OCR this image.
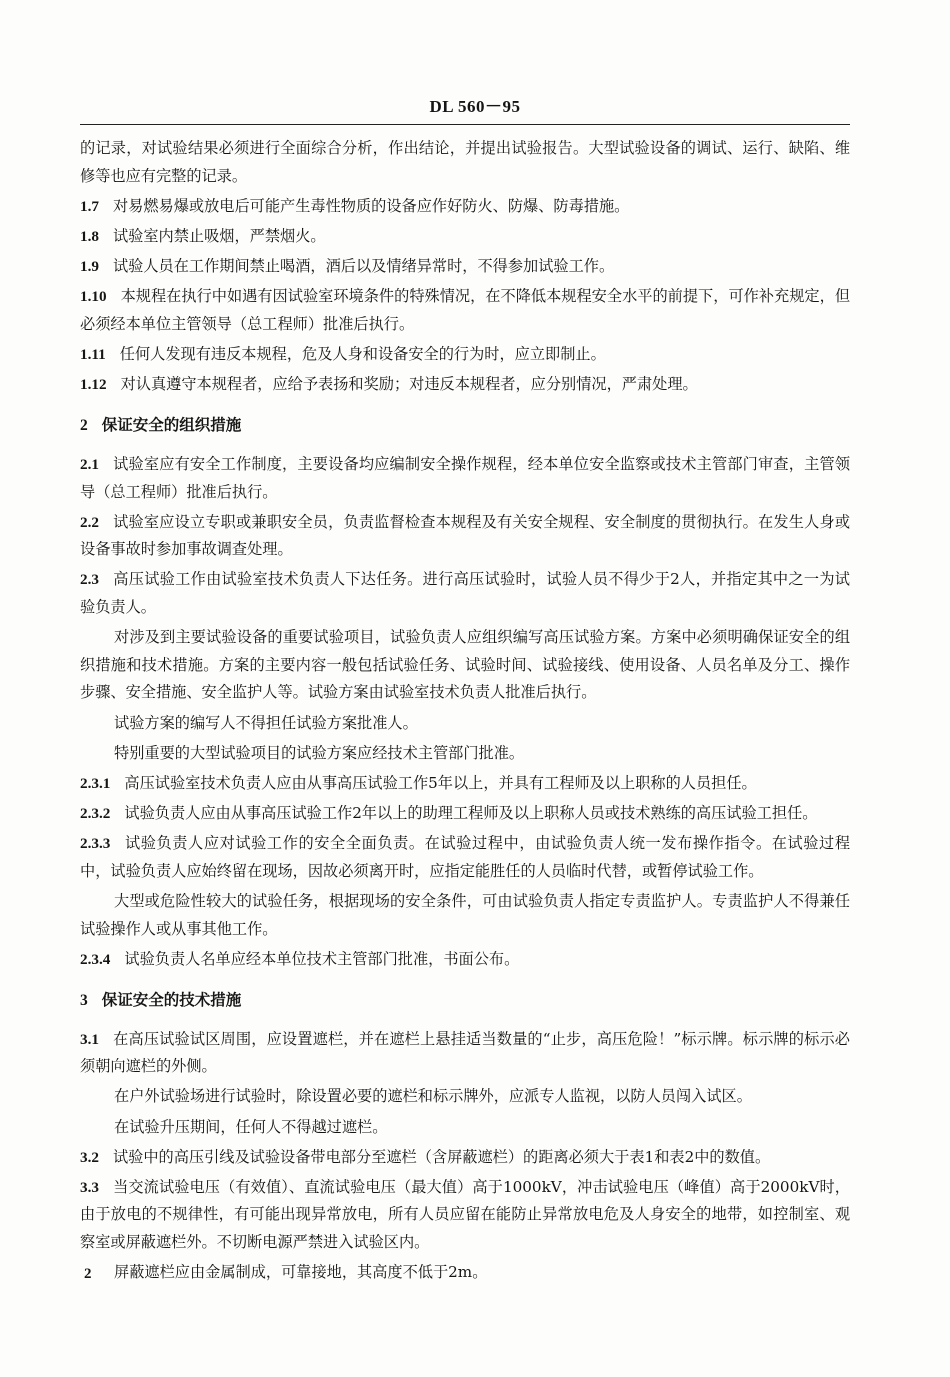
DL 560－95

的记录，对试验结果必须进行全面综合分析，作出结论，并提出试验报告。大型试验设备的调试、运行、缺陷、维修等也应有完整的记录。

1.7 对易燃易爆或放电后可能产生毒性物质的设备应作好防火、防爆、防毒措施。

1.8 试验室内禁止吸烟，严禁烟火。

1.9 试验人员在工作期间禁止喝酒，酒后以及情绪异常时，不得参加试验工作。

1.10 本规程在执行中如遇有因试验室环境条件的特殊情况，在不降低本规程安全水平的前提下，可作补充规定，但必须经本单位主管领导（总工程师）批准后执行。

1.11 任何人发现有违反本规程，危及人身和设备安全的行为时，应立即制止。

1.12 对认真遵守本规程者，应给予表扬和奖励；对违反本规程者，应分别情况，严肃处理。

2 保证安全的组织措施

2.1 试验室应有安全工作制度，主要设备均应编制安全操作规程，经本单位安全监察或技术主管部门审查，主管领导（总工程师）批准后执行。

2.2 试验室应设立专职或兼职安全员，负责监督检查本规程及有关安全规程、安全制度的贯彻执行。在发生人身或设备事故时参加事故调查处理。

2.3 高压试验工作由试验室技术负责人下达任务。进行高压试验时，试验人员不得少于2人，并指定其中之一为试验负责人。

对涉及到主要试验设备的重要试验项目，试验负责人应组织编写高压试验方案。方案中必须明确保证安全的组织措施和技术措施。方案的主要内容一般包括试验任务、试验时间、试验接线、使用设备、人员名单及分工、操作步骤、安全措施、安全监护人等。试验方案由试验室技术负责人批准后执行。

试验方案的编写人不得担任试验方案批准人。

特别重要的大型试验项目的试验方案应经技术主管部门批准。

2.3.1 高压试验室技术负责人应由从事高压试验工作5年以上，并具有工程师及以上职称的人员担任。

2.3.2 试验负责人应由从事高压试验工作2年以上的助理工程师及以上职称人员或技术熟练的高压试验工担任。

2.3.3 试验负责人应对试验工作的安全全面负责。在试验过程中，由试验负责人统一发布操作指令。在试验过程中，试验负责人应始终留在现场，因故必须离开时，应指定能胜任的人员临时代替，或暂停试验工作。

大型或危险性较大的试验任务，根据现场的安全条件，可由试验负责人指定专责监护人。专责监护人不得兼任试验操作人或从事其他工作。

2.3.4 试验负责人名单应经本单位技术主管部门批准，书面公布。

3 保证安全的技术措施

3.1 在高压试验试区周围，应设置遮栏，并在遮栏上悬挂适当数量的“止步，高压危险！”标示牌。标示牌的标示必须朝向遮栏的外侧。

在户外试验场进行试验时，除设置必要的遮栏和标示牌外，应派专人监视，以防人员闯入试区。

在试验升压期间，任何人不得越过遮栏。

3.2 试验中的高压引线及试验设备带电部分至遮栏（含屏蔽遮栏）的距离必须大于表1和表2中的数值。

3.3 当交流试验电压（有效值）、直流试验电压（最大值）高于1000kV，冲击试验电压（峰值）高于2000kV时，由于放电的不规律性，有可能出现异常放电，所有人员应留在能防止异常放电危及人身安全的地带，如控制室、观察室或屏蔽遮栏外。不切断电源严禁进入试验区内。

屏蔽遮栏应由金属制成，可靠接地，其高度不低于2m。

2
